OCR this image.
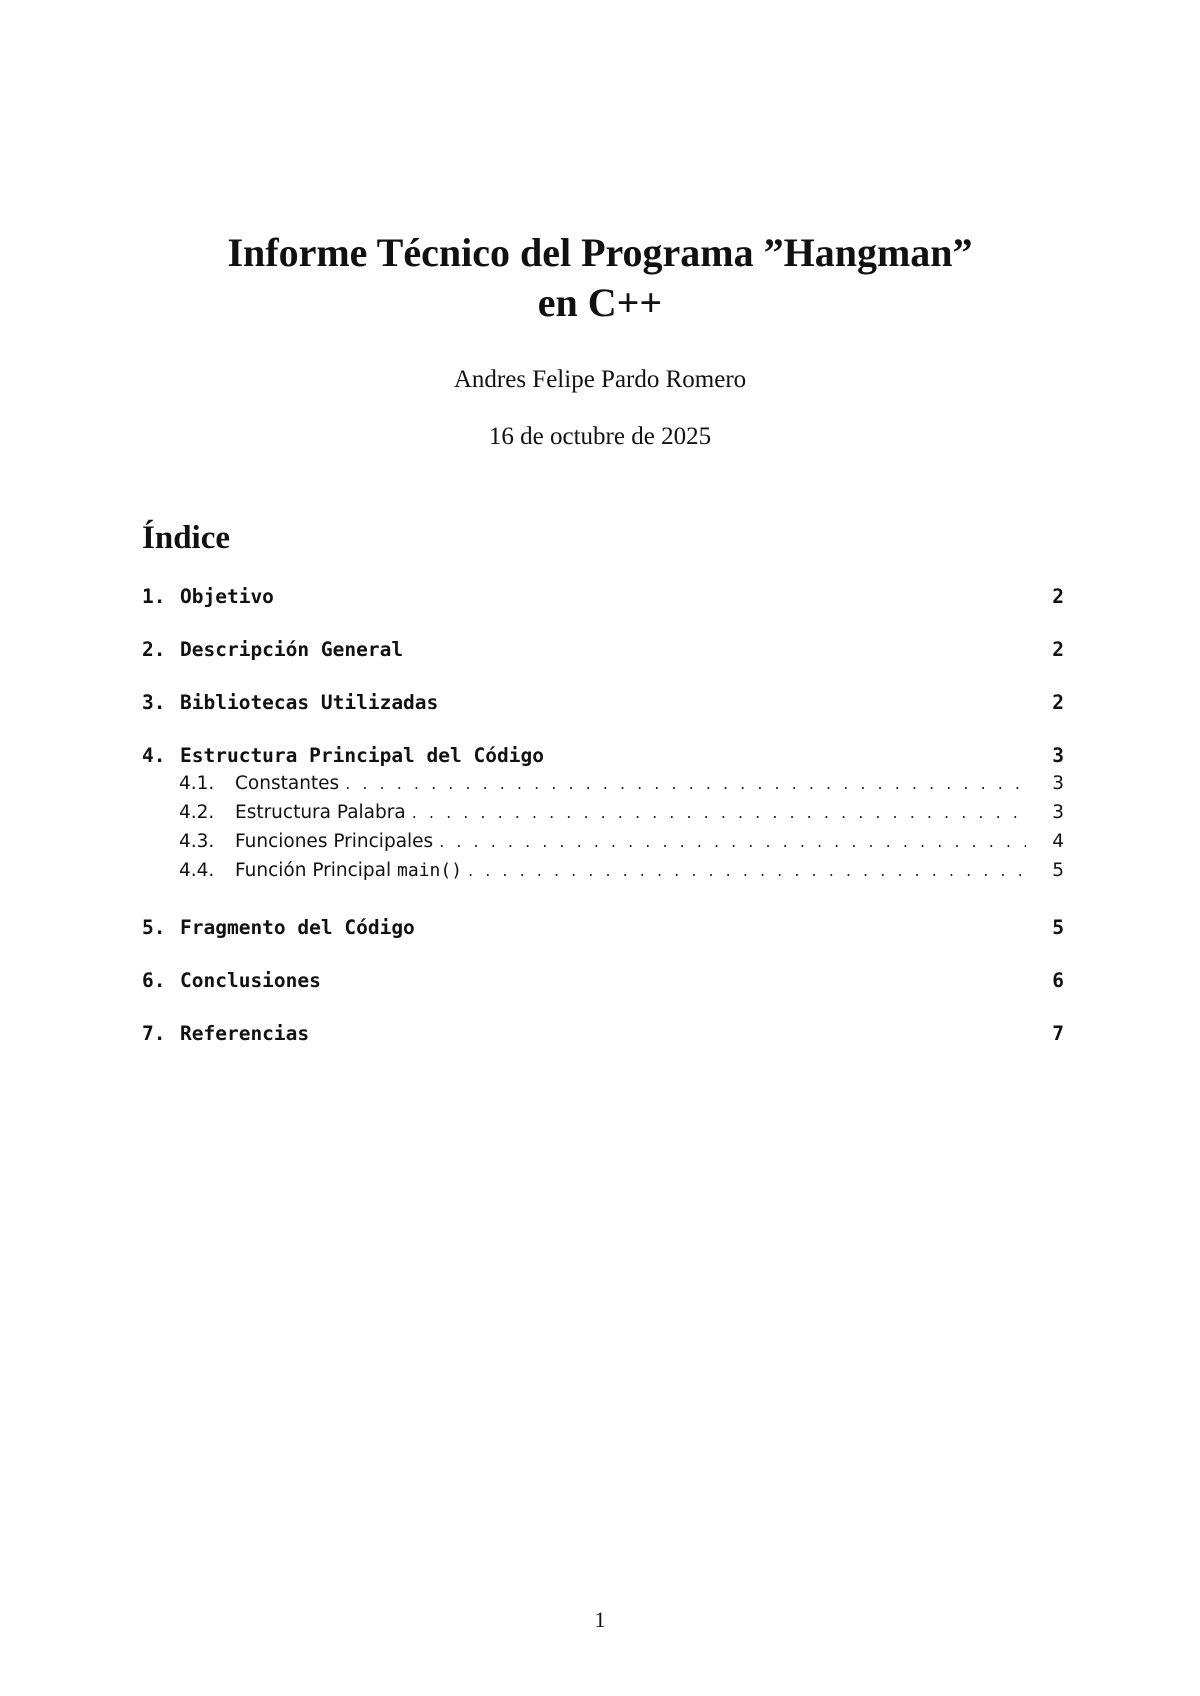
Informe Técnico del Programa ”Hangman”
en C++
Andres Felipe Pardo Romero
16 de octubre de 2025
Índice
1. Objetivo	2
2. Descripción General	2
3. Bibliotecas Utilizadas	2
4. Estructura Principal del Código	3
4.1.	Constantes . . .	3
4.2.	Estructura Palabra . . .	3
4.3.	Funciones Principales . . .	4
4.4.	Función Principal main() . . .	5
5. Fragmento del Código	5
6. Conclusiones	6
7. Referencias	7
1
